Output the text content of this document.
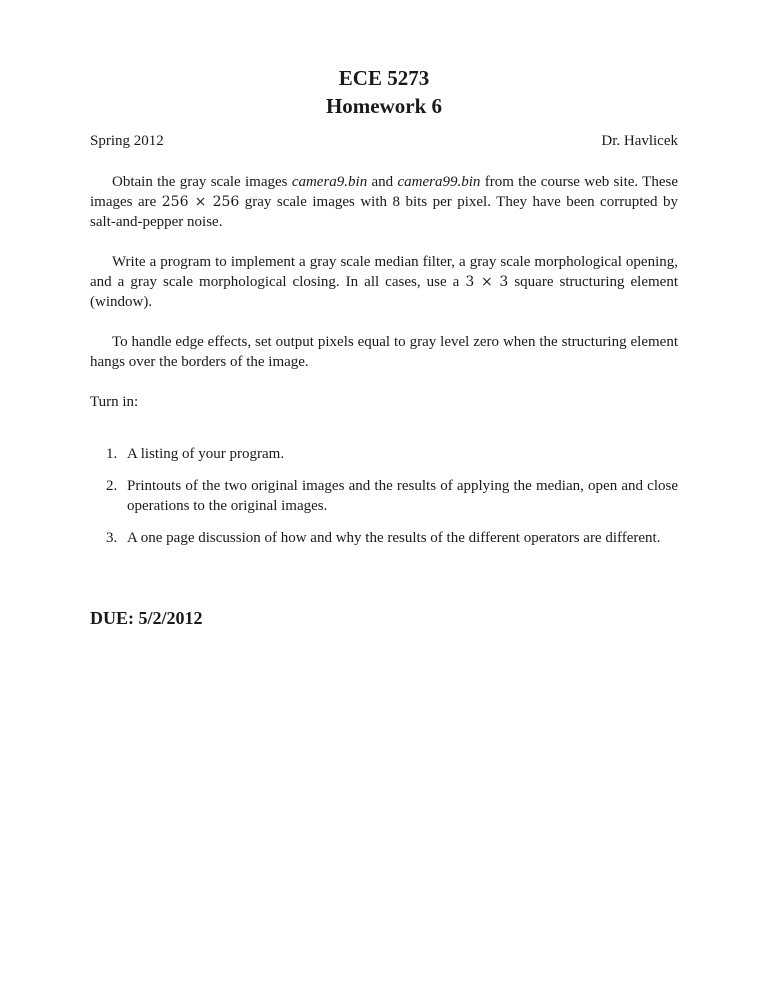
ECE 5273
Homework 6
Spring 2012	Dr. Havlicek

Obtain the gray scale images camera9.bin and camera99.bin from the course web site. These images are 256 × 256 gray scale images with 8 bits per pixel. They have been corrupted by salt-and-pepper noise.

Write a program to implement a gray scale median filter, a gray scale morphological opening, and a gray scale morphological closing. In all cases, use a 3 × 3 square structuring element (window).

To handle edge effects, set output pixels equal to gray level zero when the structuring element hangs over the borders of the image.

Turn in:

1. A listing of your program.
2. Printouts of the two original images and the results of applying the median, open and close operations to the original images.
3. A one page discussion of how and why the results of the different operators are different.
DUE: 5/2/2012
